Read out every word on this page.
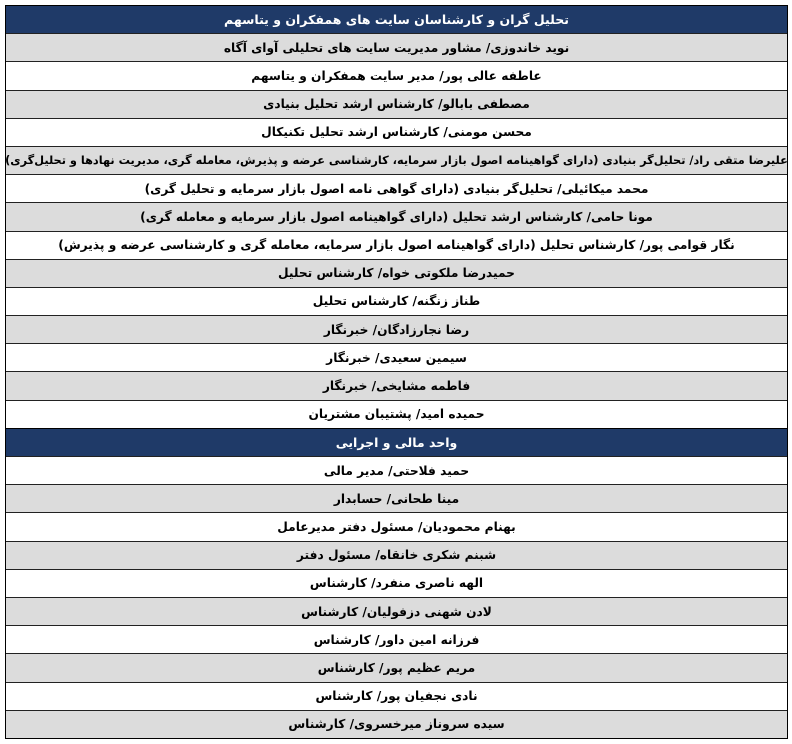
تحلیل گران و کارشناسان سایت های همفکران و یتاسهم
نوید خاندوزی/ مشاور مدیریت سایت های تحلیلی آوای آگاه
عاطفه عالی پور/ مدیر سایت همفکران و یتاسهم
مصطفی بابالو/ کارشناس ارشد تحلیل بنیادی
محسن مومنی/ کارشناس ارشد تحلیل تکنیکال
علیرضا متقی راد/ تحلیل‌گر بنیادی (دارای گواهینامه اصول بازار سرمایه، کارشناسی عرضه و پذیرش، معامله گری، مدیریت نهادها و تحلیل‌گری)
محمد میکائیلی/ تحلیل‌گر بنیادی (دارای گواهی نامه اصول بازار سرمایه و تحلیل گری)
مونا حامی/ کارشناس ارشد تحلیل (دارای گواهینامه اصول بازار سرمایه و معامله گری)
نگار قوامی پور/ کارشناس تحلیل (دارای گواهینامه اصول بازار سرمایه، معامله گری و کارشناسی عرضه و پذیرش)
حمیدرضا ملکوتی خواه/ کارشناس تحلیل
طناز زنگنه/ کارشناس تحلیل
رضا نجارزادگان/ خبرنگار
سیمین سعیدی/ خبرنگار
فاطمه مشایخی/ خبرنگار
حمیده امید/ پشتیبان مشتریان
واحد مالی و اجرایی
حمید فلاحتی/ مدیر مالی
مینا طحانی/ حسابدار
بهنام محمودیان/ مسئول دفتر مدیرعامل
شبنم شکری خانقاه/ مسئول دفتر
الهه ناصری منفرد/ کارشناس
لادن شهنی دزفولیان/ کارشناس
فرزانه امین داور/ کارشناس
مریم عظیم پور/ کارشناس
نادی نجفیان پور/ کارشناس
سیده سروناز میرخسروی/ کارشناس
